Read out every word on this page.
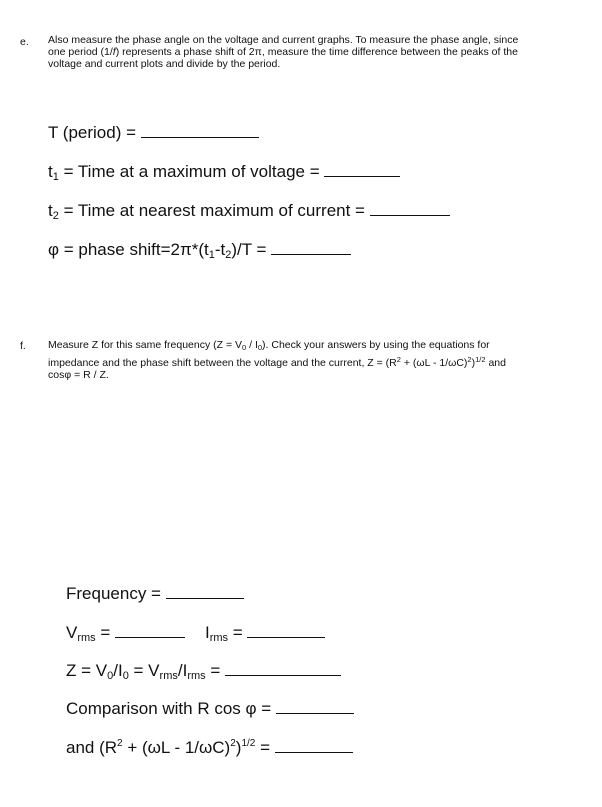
e. Also measure the phase angle on the voltage and current graphs. To measure the phase angle, since
one period (1/f) represents a phase shift of 2π, measure the time difference between the peaks of the
voltage and current plots and divide by the period.
T (period) =
$t_1$ = Time at a maximum of voltage =
$t_2$ = Time at nearest maximum of current =
φ = phase $shift=2\pi*(t_1-t_2)/T$ =
f. Measure Z for this same frequency $(Z = V_0 / I_0)$. Check your answers by using the equations for
impedance and the phase shift between the voltage and the current, $Z = (R^2 + (\omega L - 1/\omega C)^2)^{1/2}$ and
cosφ = R / Z.
Frequency =
$V_{rms}$ =	$I_{rms}$ =
$Z = V_0/I_0 = V_{rms}/I_{rms}$ =
Comparison with R cos φ =
and $(R^2 + (\omega L - 1/\omega C)^2)^{1/2}$ =
